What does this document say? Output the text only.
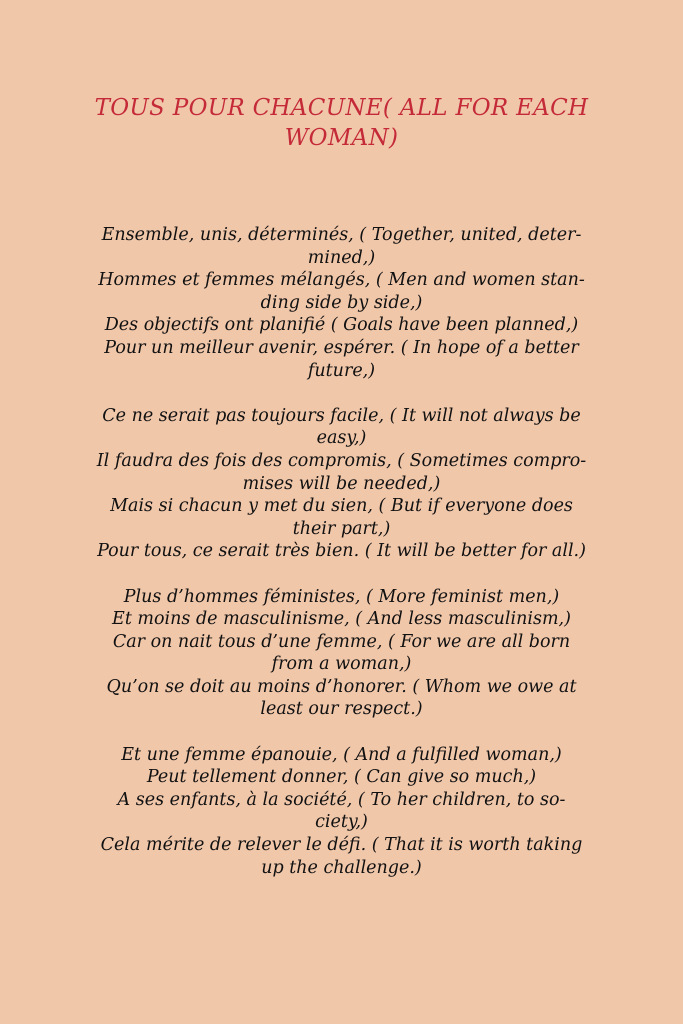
TOUS POUR CHACUNE( ALL FOR EACH WOMAN)
Ensemble, unis, déterminés, ( Together, united, deter-
mined,)
Hommes et femmes mélangés, ( Men and women stan-
ding side by side,)
Des objectifs ont planifié ( Goals have been planned,)
Pour un meilleur avenir, espérer. ( In hope of a better
future,)
Ce ne serait pas toujours facile, ( It will not always be
easy,)
Il faudra des fois des compromis, ( Sometimes compro-
mises will be needed,)
Mais si chacun y met du sien, ( But if everyone does
their part,)
Pour tous, ce serait très bien. ( It will be better for all.)
Plus d’hommes féministes, ( More feminist men,)
Et moins de masculinisme, ( And less masculinism,)
Car on nait tous d’une femme, ( For we are all born
from a woman,)
Qu’on se doit au moins d’honorer. ( Whom we owe at
least our respect.)
Et une femme épanouie, ( And a fulfilled woman,)
Peut tellement donner, ( Can give so much,)
A ses enfants, à la société, ( To her children, to so-
ciety,)
Cela mérite de relever le défi. ( That it is worth taking
up the challenge.)
